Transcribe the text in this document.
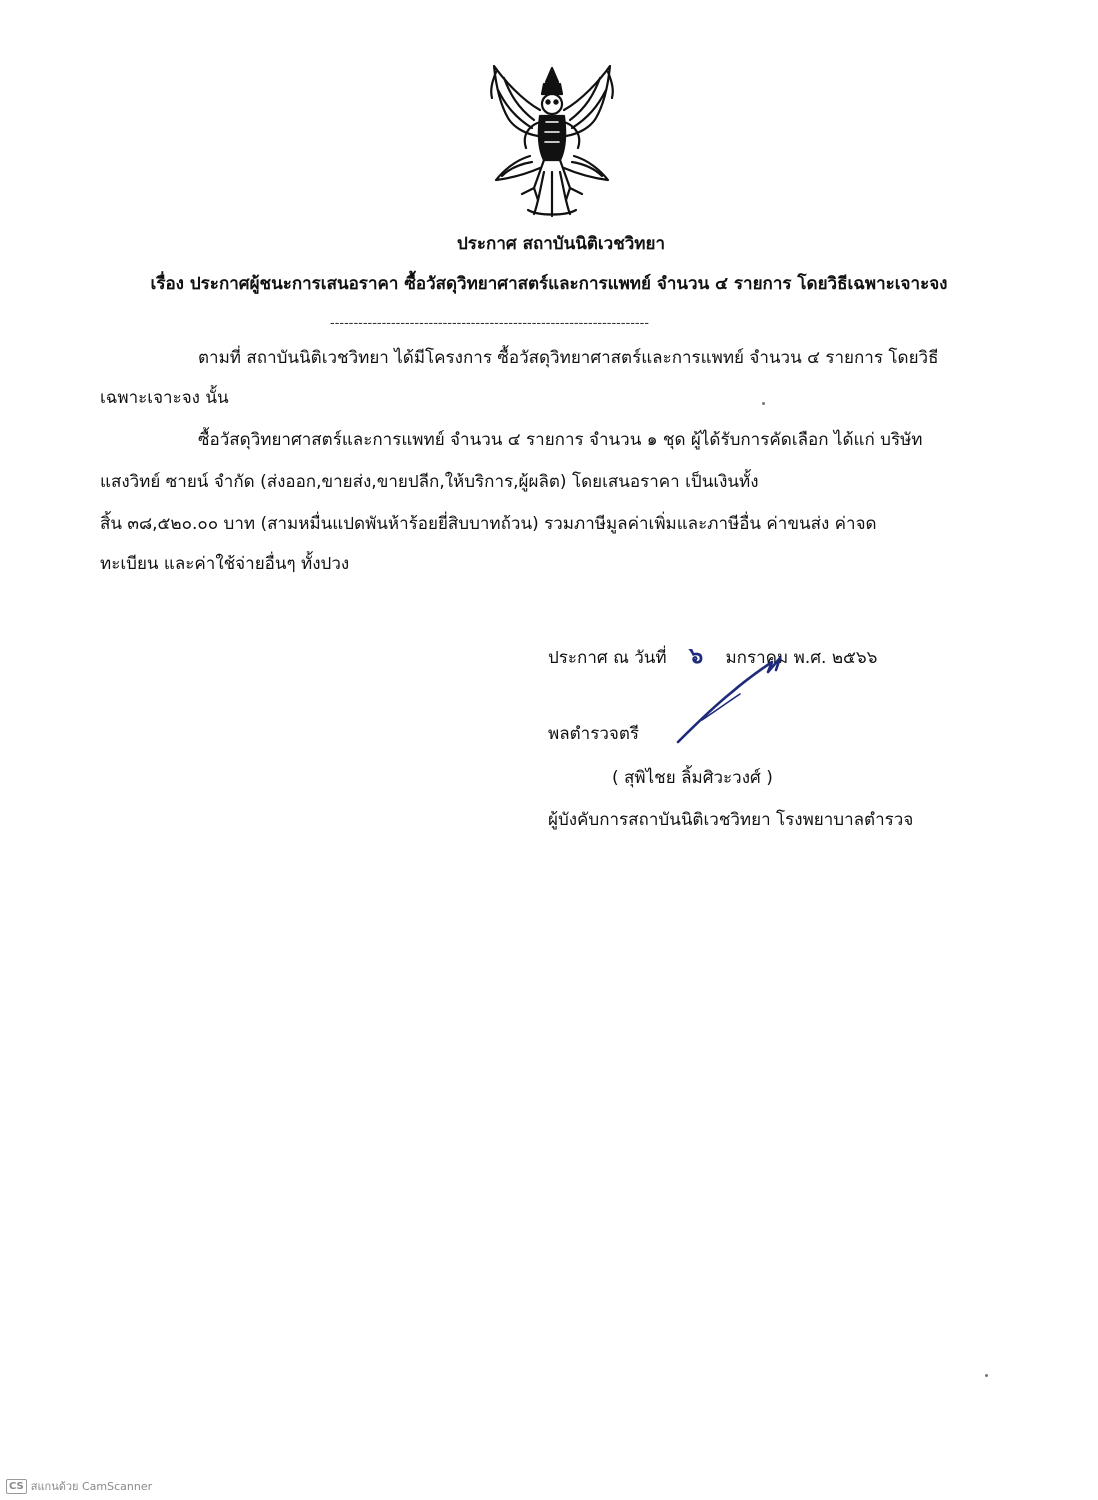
ประกาศ สถาบันนิติเวชวิทยา
เรื่อง ประกาศผู้ชนะการเสนอราคา ซื้อวัสดุวิทยาศาสตร์และการแพทย์ จำนวน ๔ รายการ โดยวิธีเฉพาะเจาะจง
--------------------------------------------------------------------
ตามที่ สถาบันนิติเวชวิทยา ได้มีโครงการ ซื้อวัสดุวิทยาศาสตร์และการแพทย์ จำนวน ๔ รายการ โดยวิธี
เฉพาะเจาะจง นั้น
ซื้อวัสดุวิทยาศาสตร์และการแพทย์ จำนวน ๔ รายการ จำนวน ๑ ชุด ผู้ได้รับการคัดเลือก ได้แก่ บริษัท
แสงวิทย์ ซายน์ จำกัด (ส่งออก,ขายส่ง,ขายปลีก,ให้บริการ,ผู้ผลิต) โดยเสนอราคา เป็นเงินทั้ง
สิ้น ๓๘,๕๒๐.๐๐ บาท (สามหมื่นแปดพันห้าร้อยยี่สิบบาทถ้วน) รวมภาษีมูลค่าเพิ่มและภาษีอื่น ค่าขนส่ง ค่าจด
ทะเบียน และค่าใช้จ่ายอื่นๆ ทั้งปวง
ประกาศ ณ วันที่ ๖ มกราคม พ.ศ. ๒๕๖๖
พลตำรวจตรี
( สุพิไชย ลิ้มศิวะวงศ์ )
ผู้บังคับการสถาบันนิติเวชวิทยา โรงพยาบาลตำรวจ
CS สแกนด้วย CamScanner
